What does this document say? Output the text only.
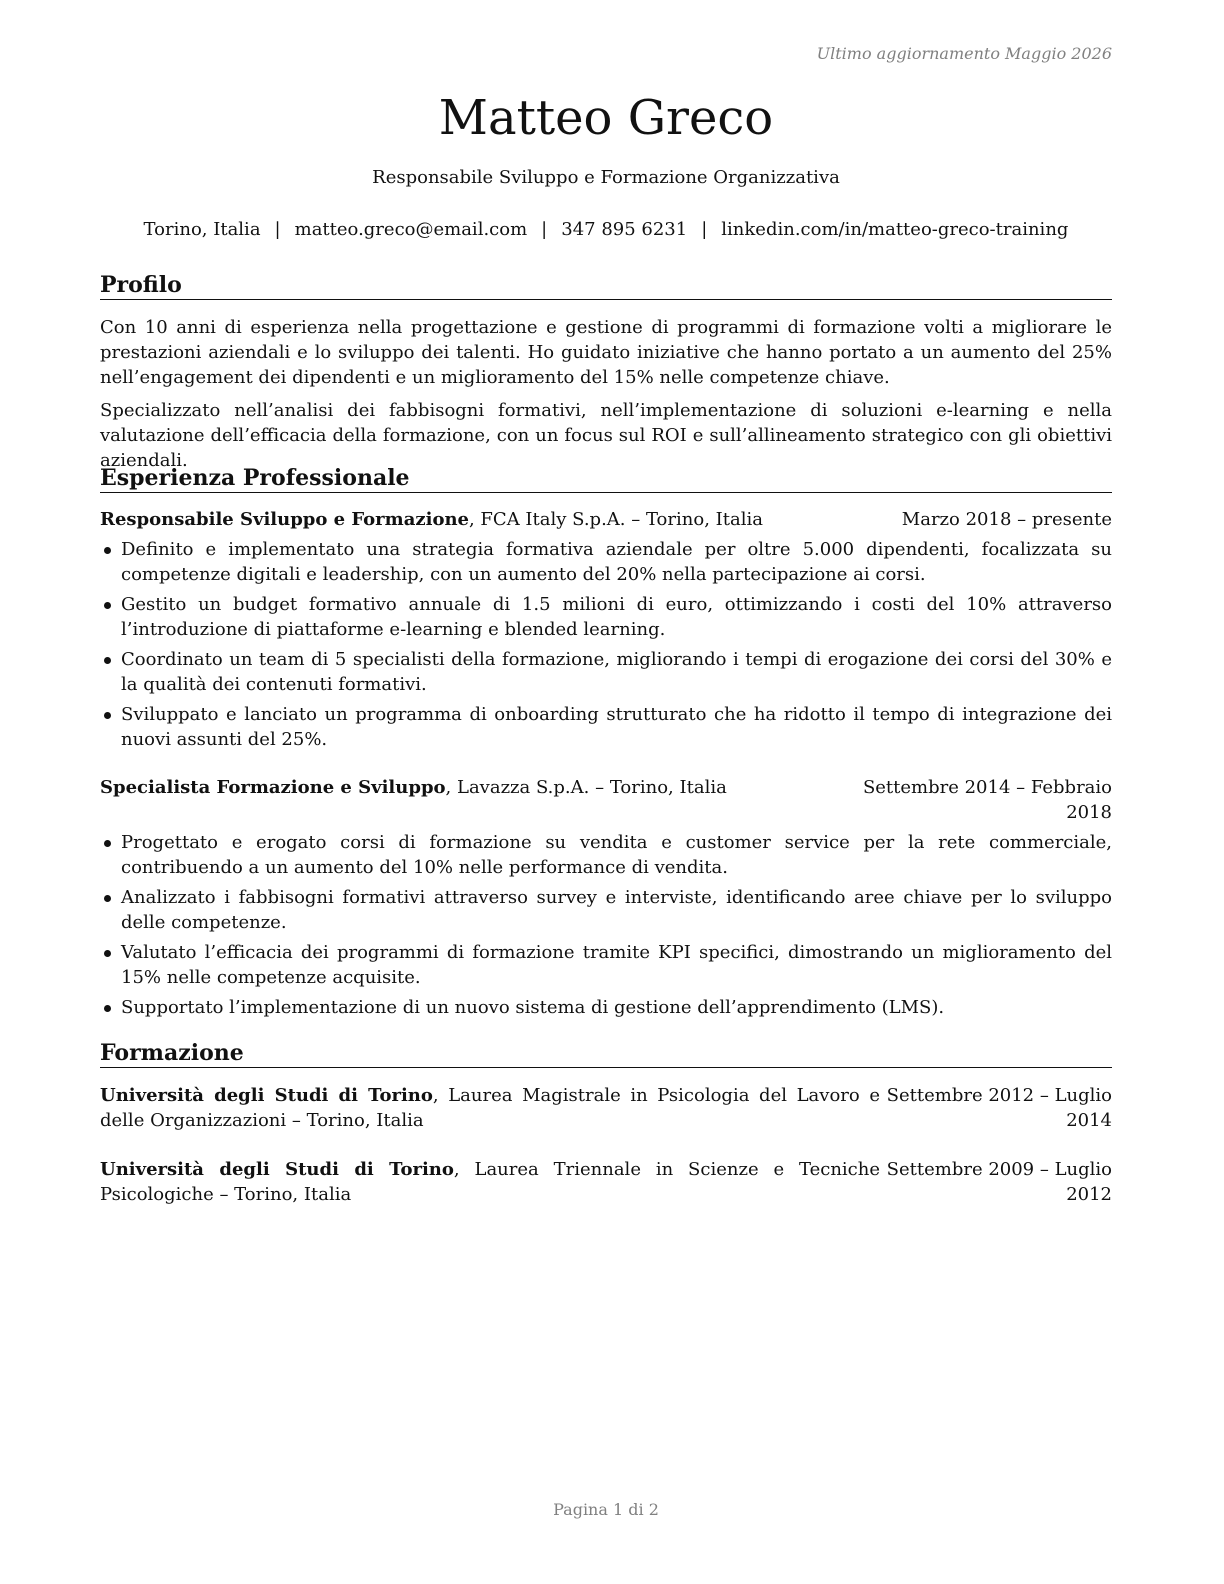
Ultimo aggiornamento Maggio 2026
Matteo Greco
Responsabile Sviluppo e Formazione Organizzativa
Torino, Italia | matteo.greco@email.com | 347 895 6231 | linkedin.com/in/matteo-greco-training
Profilo

Con 10 anni di esperienza nella progettazione e gestione di programmi di formazione volti a migliorare le prestazioni aziendali e lo sviluppo dei talenti. Ho guidato iniziative che hanno portato a un aumento del 25% nell’engagement dei dipendenti e un miglioramento del 15% nelle competenze chiave.

Specializzato nell’analisi dei fabbisogni formativi, nell’implementazione di soluzioni e-learning e nella valutazione dell’efficacia della formazione, con un focus sul ROI e sull’allineamento strategico con gli obiettivi aziendali.

Esperienza Professionale
Responsabile Sviluppo e Formazione, FCA Italy S.p.A. – Torino, Italia	Marzo 2018 – presente
Definito e implementato una strategia formativa aziendale per oltre 5.000 dipendenti, focalizzata su competenze digitali e leadership, con un aumento del 20% nella partecipazione ai corsi.
Gestito un budget formativo annuale di 1.5 milioni di euro, ottimizzando i costi del 10% attraverso l’introduzione di piattaforme e-learning e blended learning.
Coordinato un team di 5 specialisti della formazione, migliorando i tempi di erogazione dei corsi del 30% e la qualità dei contenuti formativi.
Sviluppato e lanciato un programma di onboarding strutturato che ha ridotto il tempo di integrazione dei nuovi assunti del 25%.
Specialista Formazione e Sviluppo, Lavazza S.p.A. – Torino, Italia	Settembre 2014 – Febbraio
2018
Progettato e erogato corsi di formazione su vendita e customer service per la rete commerciale, contribuendo a un aumento del 10% nelle performance di vendita.
Analizzato i fabbisogni formativi attraverso survey e interviste, identificando aree chiave per lo sviluppo delle competenze.
Valutato l’efficacia dei programmi di formazione tramite KPI specifici, dimostrando un miglioramento del 15% nelle competenze acquisite.
Supportato l’implementazione di un nuovo sistema di gestione dell’apprendimento (LMS).
Formazione
Università degli Studi di Torino, Laurea Magistrale in Psicologia del Lavoro e delle Organizzazioni – Torino, Italia
Settembre 2012 – Luglio
2014
Università degli Studi di Torino, Laurea Triennale in Scienze e Tecniche Psicologiche – Torino, Italia
Settembre 2009 – Luglio
2012
Pagina 1 di 2
